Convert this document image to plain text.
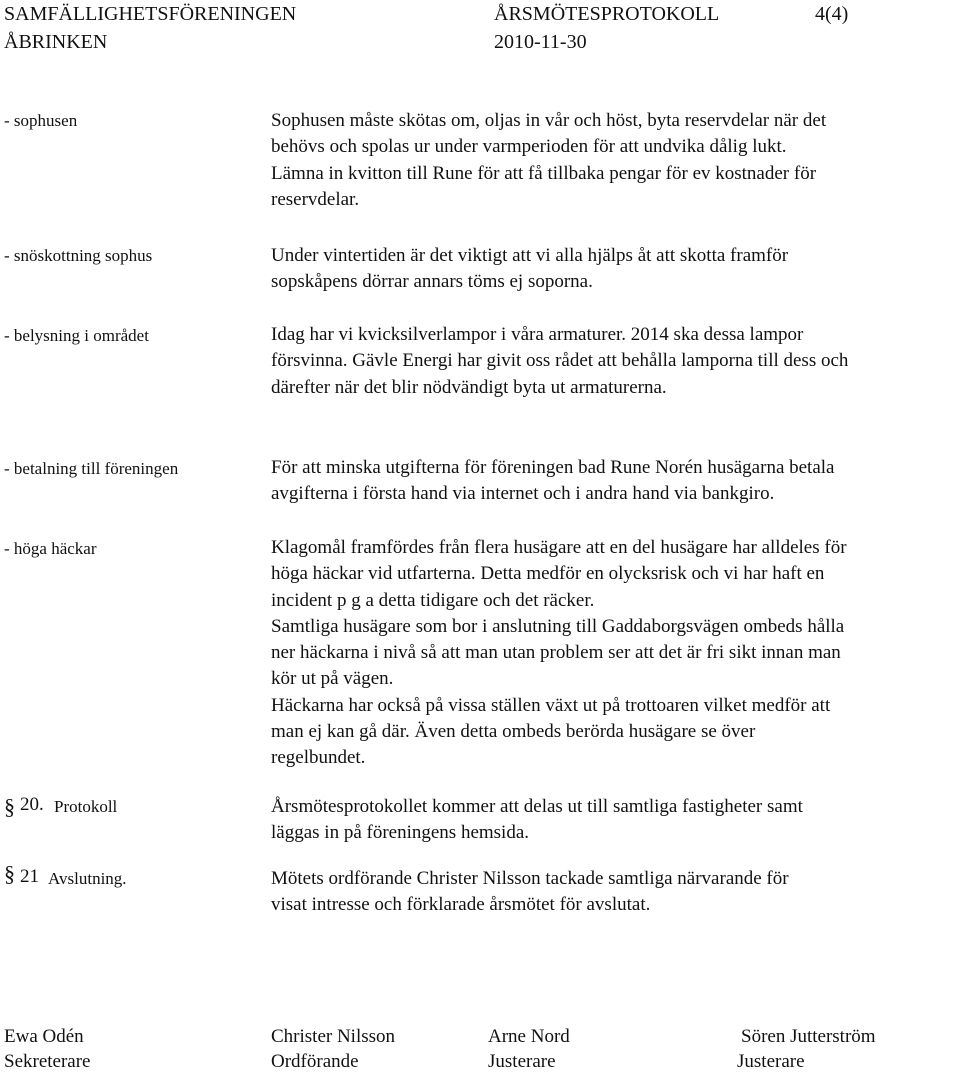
SAMFÄLLIGHETSFÖRENINGEN
ÅBRINKEN
ÅRSMÖTESPROTOKOLL
2010-11-30
4(4)
- sophusen	Sophusen måste skötas om, oljas in vår och höst, byta reservdelar när det

behövs och spolas ur under varmperioden för att undvika dålig lukt.

Lämna in kvitton till Rune för att få tillbaka pengar för ev kostnader för

reservdelar.

- snöskottning sophus	Under vintertiden är det viktigt att vi alla hjälps åt att skotta framför

sopskåpens dörrar annars töms ej soporna.

- belysning i området	Idag har vi kvicksilverlampor i våra armaturer. 2014 ska dessa lampor

försvinna. Gävle Energi har givit oss rådet att behålla lamporna till dess och

därefter när det blir nödvändigt byta ut armaturerna.

- betalning till föreningen	För att minska utgifterna för föreningen bad Rune Norén husägarna betala

avgifterna i första hand via internet och i andra hand via bankgiro.

- höga häckar	Klagomål framfördes från flera husägare att en del husägare har alldeles för

höga häckar vid utfarterna. Detta medför en olycksrisk och vi har haft en

incident p g a detta tidigare och det räcker.

Samtliga husägare som bor i anslutning till Gaddaborgsvägen ombeds hålla

ner häckarna i nivå så att man utan problem ser att det är fri sikt innan man

kör ut på vägen.

Häckarna har också på vissa ställen växt ut på trottoaren vilket medför att

man ej kan gå där. Även detta ombeds berörda husägare se över

regelbundet.

§ 20. Protokoll	Årsmötesprotokollet kommer att delas ut till samtliga fastigheter samt

läggas in på föreningens hemsida.

§ 21 Avslutning.	Mötets ordförande Christer Nilsson tackade samtliga närvarande för

visat intresse och förklarade årsmötet för avslutat.

Ewa Odén
Sekreterare
Christer Nilsson
Ordförande
Arne Nord
Justerare
Sören Jutterström
Justerare
